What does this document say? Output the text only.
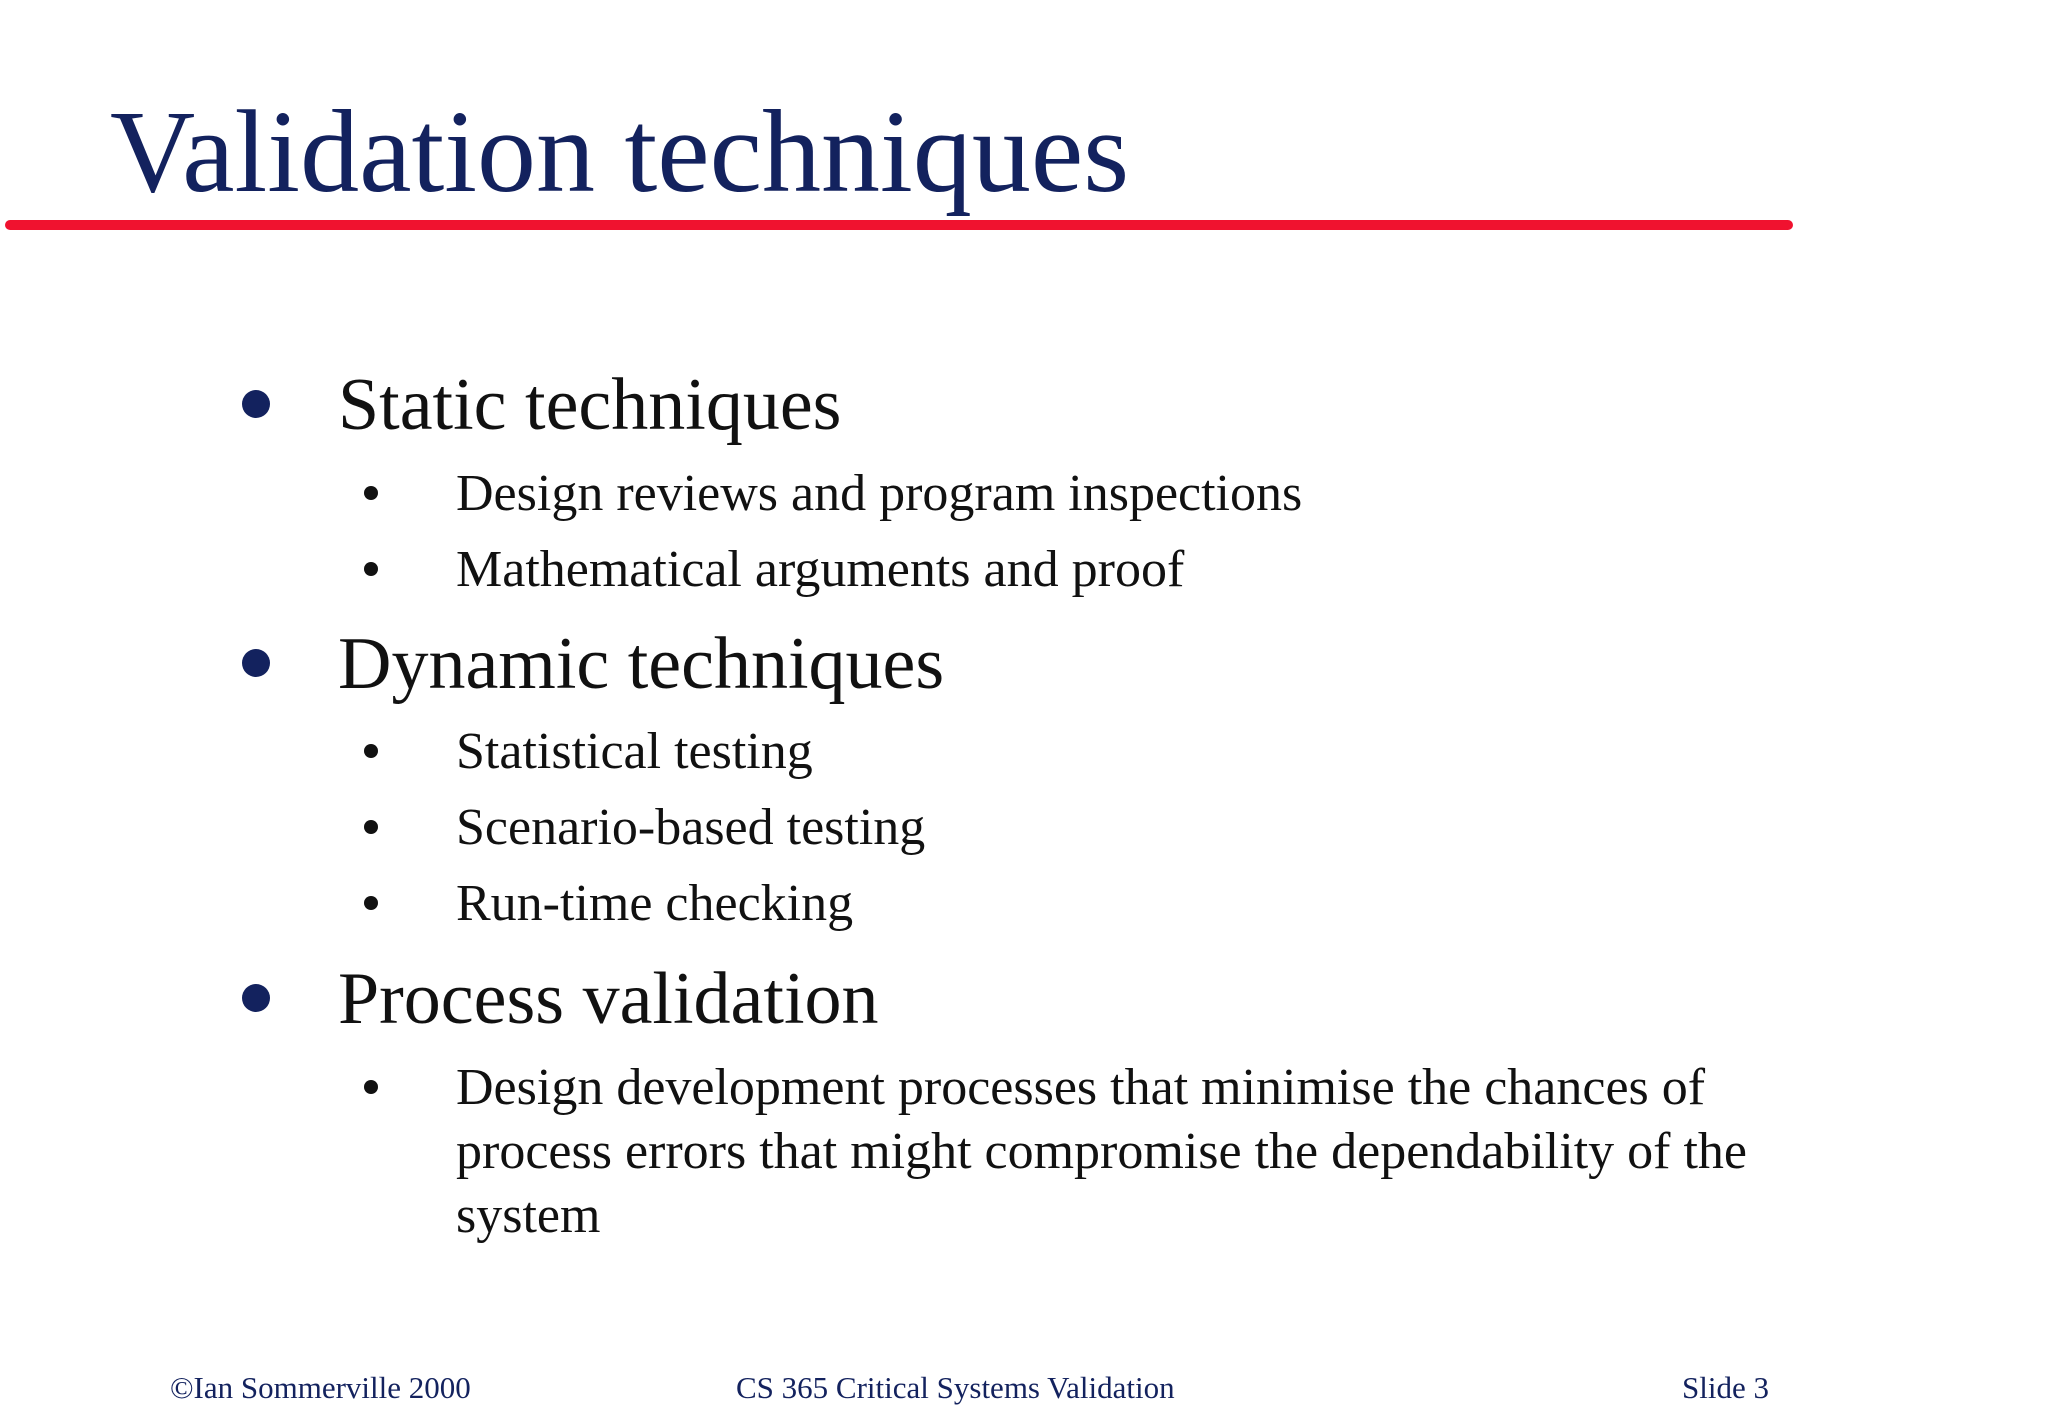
Validation techniques
Static techniques
Design reviews and program inspections
Mathematical arguments and proof
Dynamic techniques
Statistical testing
Scenario-based testing
Run-time checking
Process validation
Design development processes that minimise the chances of process errors that might compromise the dependability of the system
©Ian Sommerville 2000	CS 365 Critical Systems Validation	Slide 3
